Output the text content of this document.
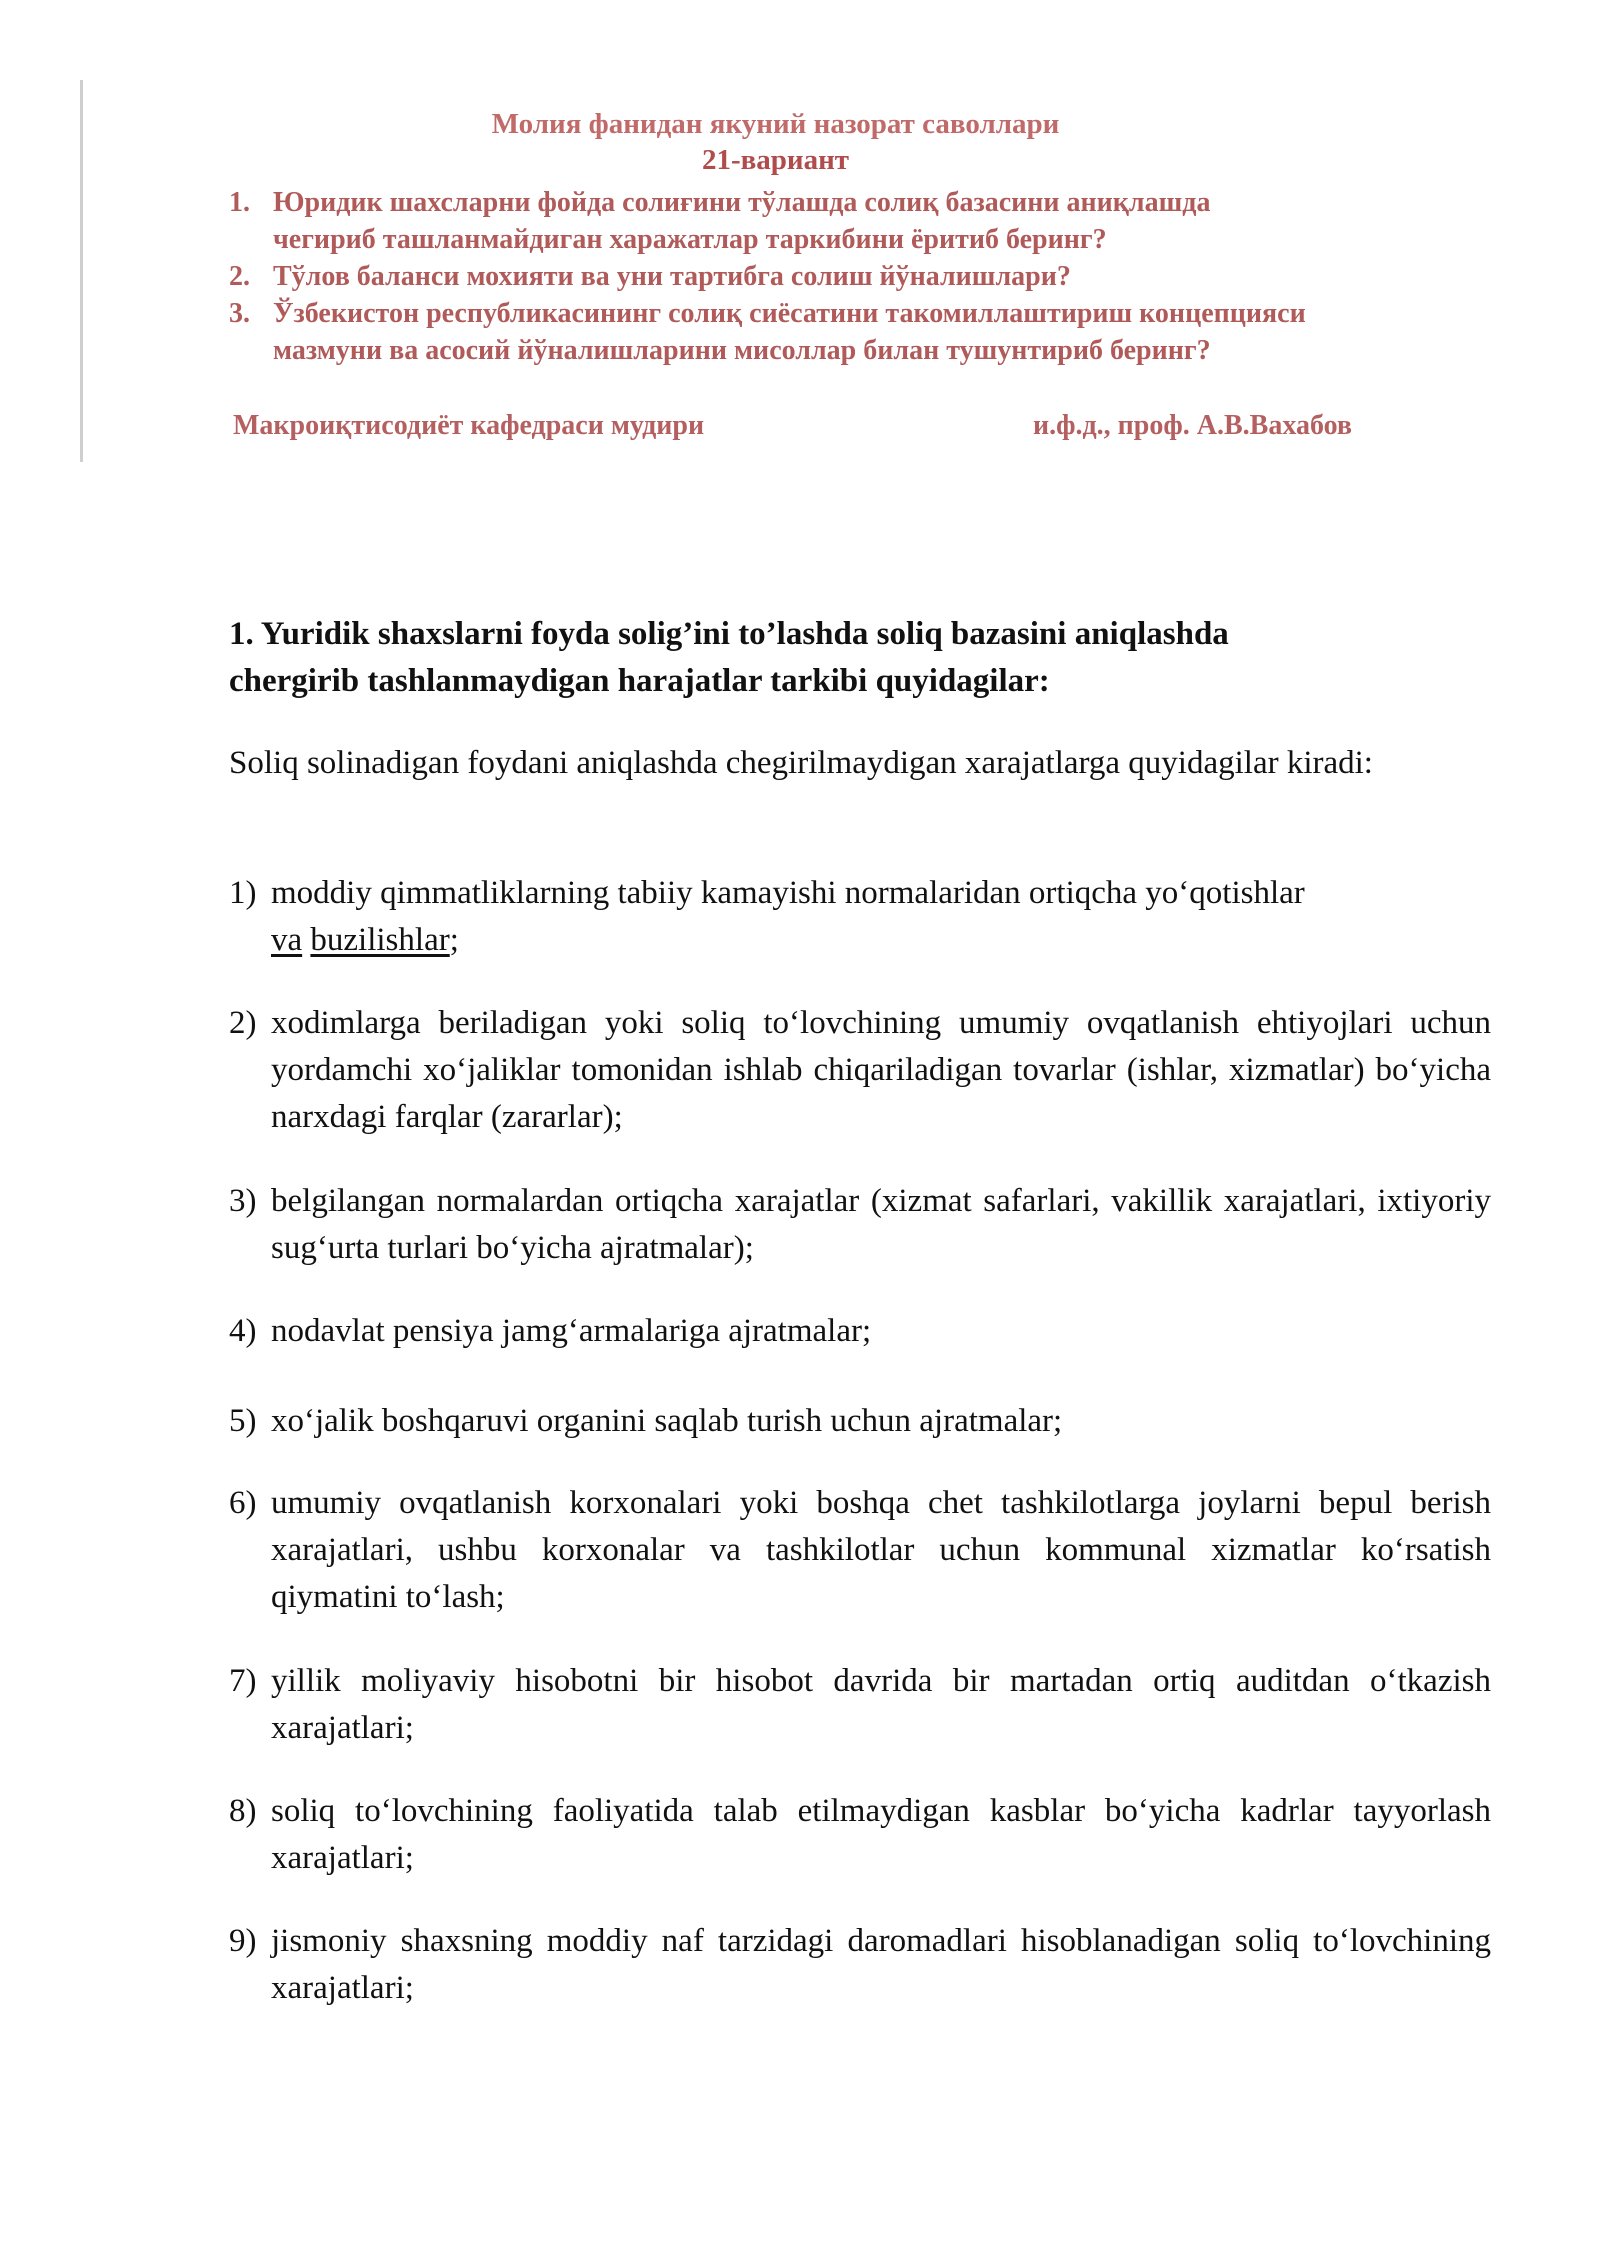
Молия фанидан якуний назорат саволлари
21-вариант
1. Юридик шахсларни фойда солиғини тўлашда солиқ базасини аниқлашда
чегириб ташланмайдиган харажатлар таркибини ёритиб беринг?
2. Тўлов баланси мохияти ва уни тартибга солиш йўналишлари?
3. Ўзбекистон республикасининг солиқ сиёсатини такомиллаштириш концепцияси
мазмуни ва асосий йўналишларини мисоллар билан тушунтириб беринг?
Макроиқтисодиёт кафедраси мудири	и.ф.д., проф. А.В.Вахабов
1. Yuridik shaxslarni foyda solig’ini to’lashda soliq bazasini aniqlashda
chergirib tashlanmaydigan harajatlar tarkibi quyidagilar:
Soliq solinadigan foydani aniqlashda chegirilmaydigan xarajatlarga quyidagilar kiradi:
1) moddiy qimmatliklarning tabiiy kamayishi normalaridan ortiqcha yo‘qotishlar
va buzilishlar;
2) xodimlarga beriladigan yoki soliq to‘lovchining umumiy ovqatlanish ehtiyojlari uchun yordamchi xo‘jaliklar tomonidan ishlab chiqariladigan tovarlar (ishlar, xizmatlar) bo‘yicha narxdagi farqlar (zararlar);
3) belgilangan normalardan ortiqcha xarajatlar (xizmat safarlari, vakillik xarajatlari, ixtiyoriy sug‘urta turlari bo‘yicha ajratmalar);
4) nodavlat pensiya jamg‘armalariga ajratmalar;
5) xo‘jalik boshqaruvi organini saqlab turish uchun ajratmalar;
6) umumiy ovqatlanish korxonalari yoki boshqa chet tashkilotlarga joylarni bepul berish xarajatlari, ushbu korxonalar va tashkilotlar uchun kommunal xizmatlar ko‘rsatish qiymatini to‘lash;
7) yillik moliyaviy hisobotni bir hisobot davrida bir martadan ortiq auditdan o‘tkazish xarajatlari;
8) soliq to‘lovchining faoliyatida talab etilmaydigan kasblar bo‘yicha kadrlar tayyorlash xarajatlari;
9) jismoniy shaxsning moddiy naf tarzidagi daromadlari hisoblanadigan soliq to‘lovchining xarajatlari;
